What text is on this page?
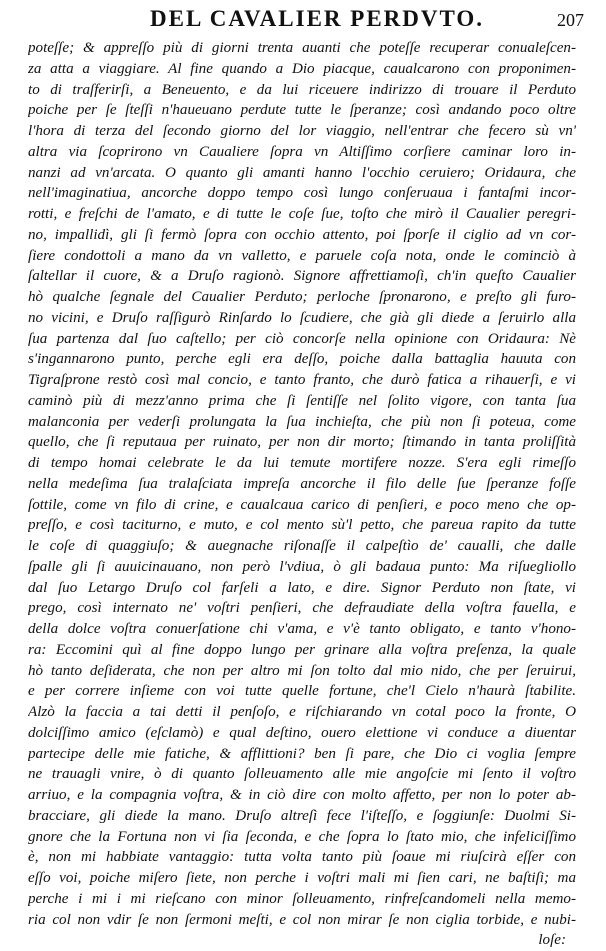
DEL CAVALIER PERDVTO.	207
poteſſe; & appreſſo più di giorni trenta auanti che poteſſe recuperar conualeſcen-
za atta a viaggiare. Al fine quando a Dio piacque, caualcarono con proponimen-
to di traſferirſi, a Beneuento, e da lui riceuere indirizzo di trouare il Perduto
poiche per ſe ſteſſi n'haueuano perdute tutte le ſperanze; così andando poco oltre
l'hora di terza del ſecondo giorno del lor viaggio, nell'entrar che fecero sù vn'
altra via ſcoprirono vn Caualiere ſopra vn Altiſſimo corſiere caminar loro in-
nanzi ad vn'arcata. O quanto gli amanti hanno l'occhio ceruiero; Oridaura, che
nell'imaginatiua, ancorche doppo tempo così lungo conſeruaua i fantaſmi incor-
rotti, e freſchi de l'amato, e di tutte le coſe ſue, toſto che mirò il Caualier peregri-
no, impallidì, gli ſi fermò ſopra con occhio attento, poi ſporſe il ciglio ad vn cor-
ſiere condottoli a mano da vn valletto, e paruele coſa nota, onde le cominciò à
ſaltellar il cuore, & a Druſo ragionò. Signore affrettiamoſi, ch'in queſto Caualier
hò qualche ſegnale del Caualier Perduto; perloche ſpronarono, e preſto gli furo-
no vicini, e Druſo raſſigurò Rinſardo lo ſcudiere, che già gli diede a ſeruirlo alla
ſua partenza dal ſuo caſtello; per ciò concorſe nella opinione con Oridaura: Nè
s'ingannarono punto, perche egli era deſſo, poiche dalla battaglia hauuta con
Tigraſprone restò così mal concio, e tanto franto, che durò fatica a rihauerſi, e vi
caminò più di mezz'anno prima che ſi ſentiſſe nel ſolito vigore, con tanta ſua
malanconia per vederſi prolungata la ſua inchieſta, che più non ſi poteua, come
quello, che ſi reputaua per ruinato, per non dir morto; ſtimando in tanta proliſſità
di tempo homai celebrate le da lui temute mortifere nozze. S'era egli rimeſſo
nella medeſima ſua tralaſciata impreſa ancorche il filo delle ſue ſperanze foſſe
ſottile, come vn filo di crine, e caualcaua carico di penſieri, e poco meno che op-
preſſo, e così taciturno, e muto, e col mento sù'l petto, che pareua rapito da tutte
le coſe di quaggiuſo; & auegnache riſonaſſe il calpeſtìo de' caualli, che dalle
ſpalle gli ſi auuicinauano, non però l'vdiua, ò gli badaua punto: Ma riſuegliollo
dal ſuo Letargo Druſo col farſeli a lato, e dire. Signor Perduto non ſtate, vi
prego, così internato ne' voſtri penſieri, che defraudiate della voſtra fauella, e
della dolce voſtra conuerſatione chi v'ama, e v'è tanto obligato, e tanto v'hono-
ra: Eccomini quì al fine doppo lungo per grinare alla voſtra preſenza, la quale
hò tanto deſiderata, che non per altro mi ſon tolto dal mio nido, che per ſeruirui,
e per correre inſieme con voi tutte quelle fortune, che'l Cielo n'haurà ſtabilite.
Alzò la faccia a tai detti il penſoſo, e riſchiarando vn cotal poco la fronte, O
dolciſſimo amico (eſclamò) e qual deſtino, ouero elettione vi conduce a diuentar
partecipe delle mie fatiche, & afflittioni? ben ſi pare, che Dio ci voglia ſempre
ne trauagli vnire, ò di quanto ſolleuamento alle mie angoſcie mi ſento il voſtro
arriuo, e la compagnia voſtra, & in ciò dire con molto affetto, per non lo poter ab-
bracciare, gli diede la mano. Druſo altreſì fece l'iſteſſo, e ſoggiunſe: Duolmi Si-
gnore che la Fortuna non vi ſia ſeconda, e che ſopra lo ſtato mio, che infeliciſſimo
è, non mi habbiate vantaggio: tutta volta tanto più ſoaue mi riuſcirà eſſer con
eſſo voi, poiche miſero ſiete, non perche i voſtri mali mi ſien cari, ne baſtiſi; ma
perche i mi i mi rieſcano con minor ſolleuamento, rinfreſcandomeli nella memo-
ria col non vdir ſe non ſermoni meſti, e col non mirar ſe non ciglia torbide, e nubi-
loſe:
